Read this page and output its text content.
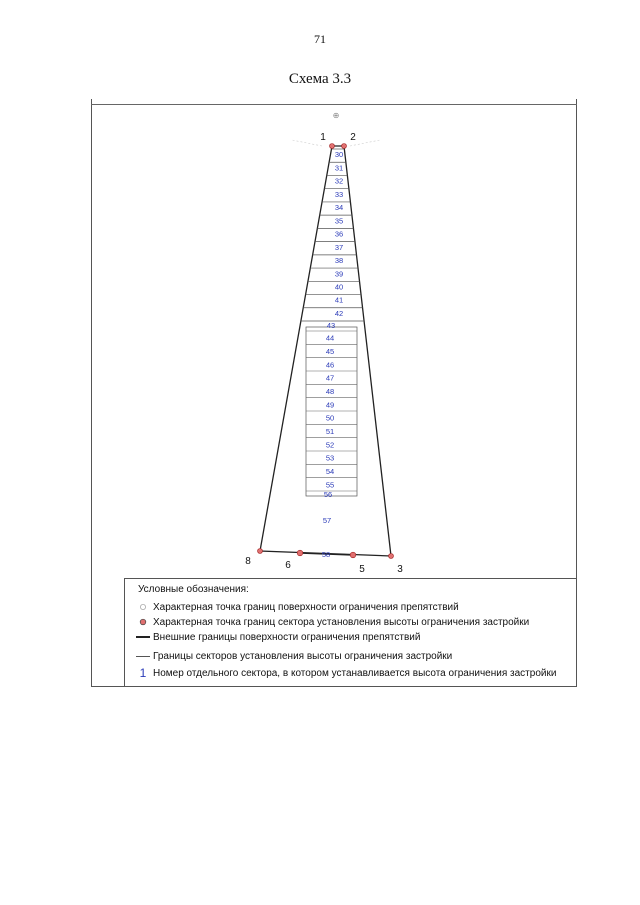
71
Схема 3.3
⊕
30
31
32
33
34
35
36
37
38
39
40
41
42
43
44
45
46
47
48
49
50
51
52
53
54
55
56
57
58
1 2
3
5
6
8
Условные обозначения:
Характерная точка границ поверхности ограничения препятствий
Характерная точка границ сектора установления высоты ограничения застройки
Внешние границы поверхности ограничения препятствий
Границы секторов установления высоты ограничения застройки
1 Номер отдельного сектора, в котором устанавливается высота ограничения застройки
